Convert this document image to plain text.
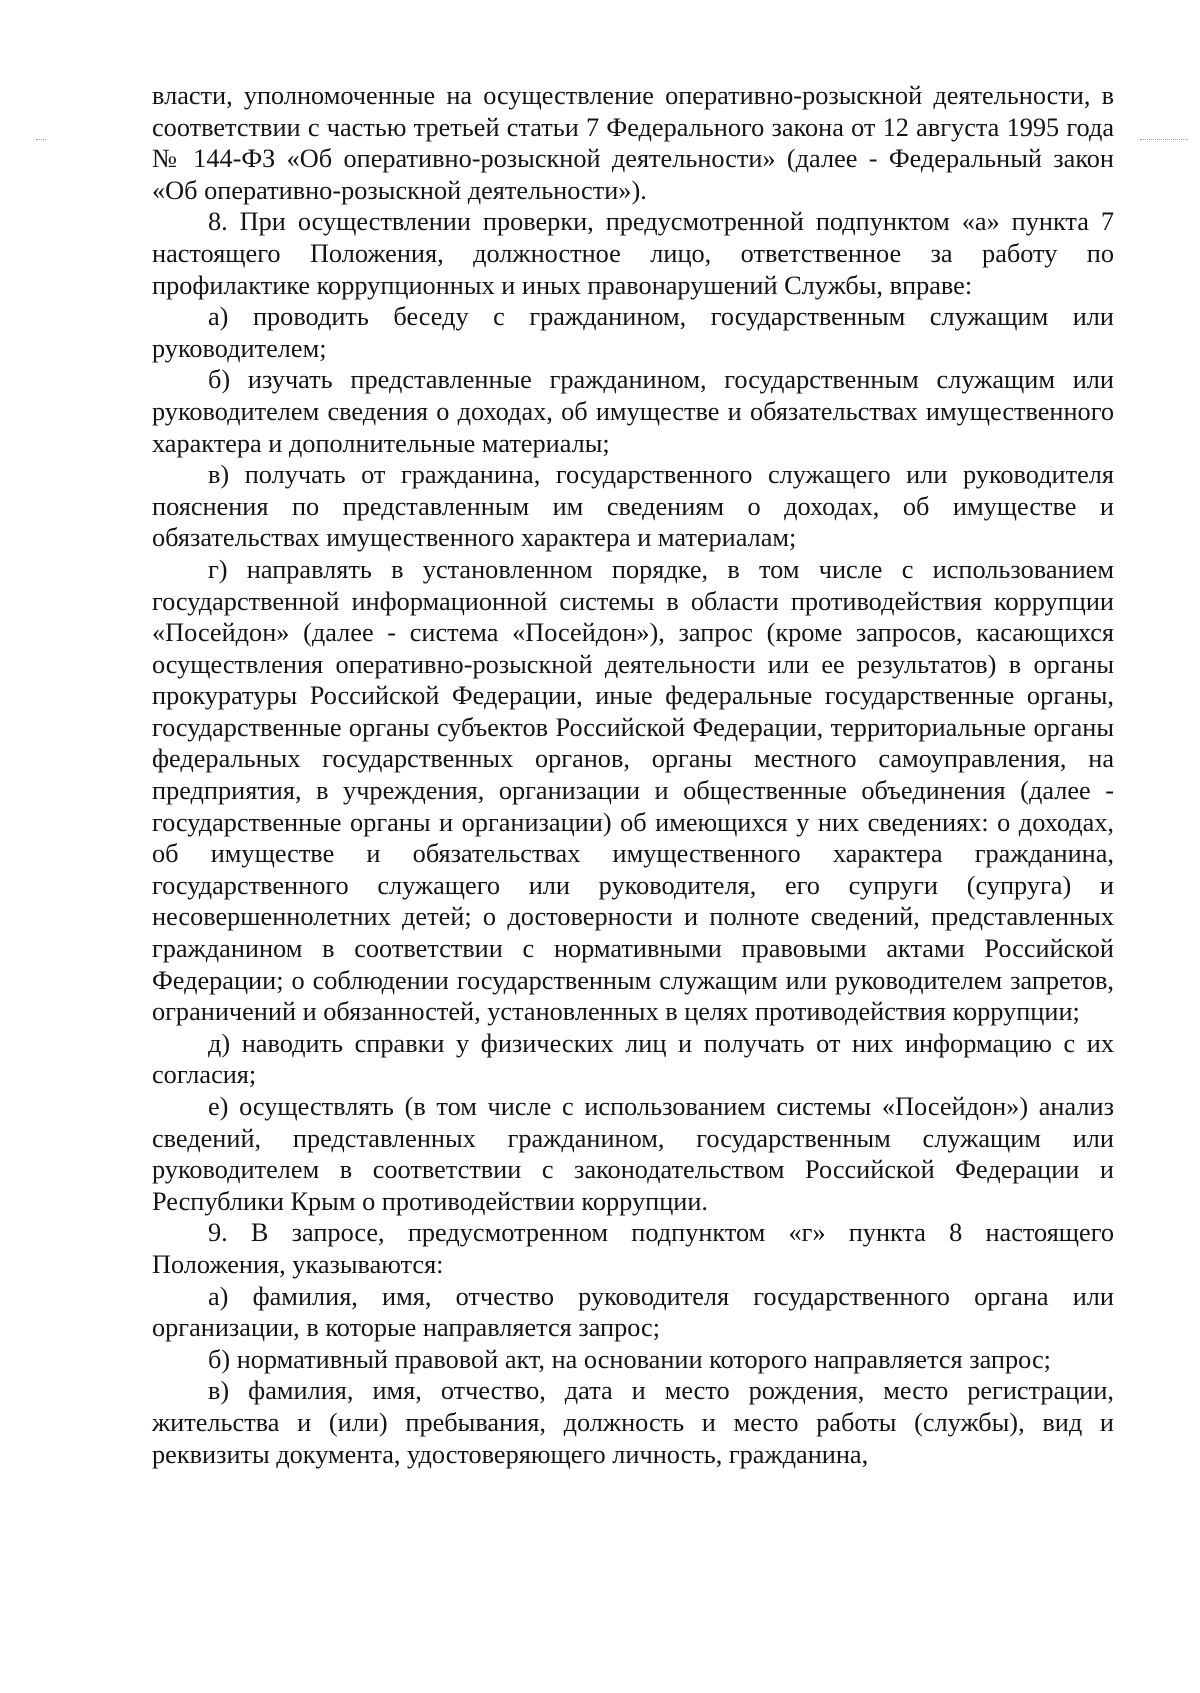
власти, уполномоченные на осуществление оперативно-розыскной деятельности, в соответствии с частью третьей статьи 7 Федерального закона от 12 августа 1995 года № 144-ФЗ «Об оперативно-розыскной деятельности» (далее - Федеральный закон «Об оперативно-розыскной деятельности»).

8. При осуществлении проверки, предусмотренной подпунктом «а» пункта 7 настоящего Положения, должностное лицо, ответственное за работу по профилактике коррупционных и иных правонарушений Службы, вправе:

а) проводить беседу с гражданином, государственным служащим или руководителем;

б) изучать представленные гражданином, государственным служащим или руководителем сведения о доходах, об имуществе и обязательствах имущественного характера и дополнительные материалы;

в) получать от гражданина, государственного служащего или руководителя пояснения по представленным им сведениям о доходах, об имуществе и обязательствах имущественного характера и материалам;

г) направлять в установленном порядке, в том числе с использованием государственной информационной системы в области противодействия коррупции «Посейдон» (далее - система «Посейдон»), запрос (кроме запросов, касающихся осуществления оперативно-розыскной деятельности или ее результатов) в органы прокуратуры Российской Федерации, иные федеральные государственные органы, государственные органы субъектов Российской Федерации, территориальные органы федеральных государственных органов, органы местного самоуправления, на предприятия, в учреждения, организации и общественные объединения (далее - государственные органы и организации) об имеющихся у них сведениях: о доходах, об имуществе и обязательствах имущественного характера гражданина, государственного служащего или руководителя, его супруги (супруга) и несовершеннолетних детей; о достоверности и полноте сведений, представленных гражданином в соответствии с нормативными правовыми актами Российской Федерации; о соблюдении государственным служащим или руководителем запретов, ограничений и обязанностей, установленных в целях противодействия коррупции;

д) наводить справки у физических лиц и получать от них информацию с их согласия;

е) осуществлять (в том числе с использованием системы «Посейдон») анализ сведений, представленных гражданином, государственным служащим или руководителем в соответствии с законодательством Российской Федерации и Республики Крым о противодействии коррупции.

9. В запросе, предусмотренном подпунктом «г» пункта 8 настоящего Положения, указываются:

а) фамилия, имя, отчество руководителя государственного органа или организации, в которые направляется запрос;

б) нормативный правовой акт, на основании которого направляется запрос;

в) фамилия, имя, отчество, дата и место рождения, место регистрации, жительства и (или) пребывания, должность и место работы (службы), вид и реквизиты документа, удостоверяющего личность, гражданина,
